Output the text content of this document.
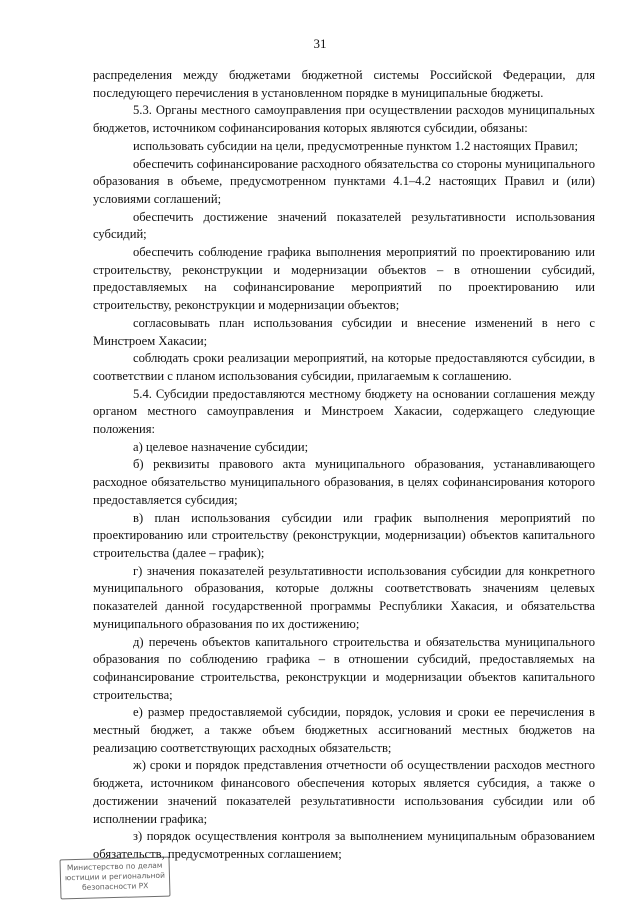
31

распределения между бюджетами бюджетной системы Российской Федерации, для последующего перечисления в установленном порядке в муниципальные бюджеты.

5.3. Органы местного самоуправления при осуществлении расходов муниципальных бюджетов, источником софинансирования которых являются субсидии, обязаны:

использовать субсидии на цели, предусмотренные пунктом 1.2 настоящих Правил;

обеспечить софинансирование расходного обязательства со стороны муниципального образования в объеме, предусмотренном пунктами 4.1–4.2 настоящих Правил и (или) условиями соглашений;

обеспечить достижение значений показателей результативности использования субсидий;

обеспечить соблюдение графика выполнения мероприятий по проектированию или строительству, реконструкции и модернизации объектов – в отношении субсидий, предоставляемых на софинансирование мероприятий по проектированию или строительству, реконструкции и модернизации объектов;

согласовывать план использования субсидии и внесение изменений в него с Минстроем Хакасии;

соблюдать сроки реализации мероприятий, на которые предоставляются субсидии, в соответствии с планом использования субсидии, прилагаемым к соглашению.

5.4. Субсидии предоставляются местному бюджету на основании соглашения между органом местного самоуправления и Минстроем Хакасии, содержащего следующие положения:

а) целевое назначение субсидии;

б) реквизиты правового акта муниципального образования, устанавливающего расходное обязательство муниципального образования, в целях софинансирования которого предоставляется субсидия;

в) план использования субсидии или график выполнения мероприятий по проектированию или строительству (реконструкции, модернизации) объектов капитального строительства (далее – график);

г) значения показателей результативности использования субсидии для конкретного муниципального образования, которые должны соответствовать значениям целевых показателей данной государственной программы Республики Хакасия, и обязательства муниципального образования по их достижению;

д) перечень объектов капитального строительства и обязательства муниципального образования по соблюдению графика – в отношении субсидий, предоставляемых на софинансирование строительства, реконструкции и модернизации объектов капитального строительства;

е) размер предоставляемой субсидии, порядок, условия и сроки ее перечисления в местный бюджет, а также объем бюджетных ассигнований местных бюджетов на реализацию соответствующих расходных обязательств;

ж) сроки и порядок представления отчетности об осуществлении расходов местного бюджета, источником финансового обеспечения которых является субсидия, а также о достижении значений показателей результативности использования субсидии или об исполнении графика;

з) порядок осуществления контроля за выполнением муниципальным образованием обязательств, предусмотренных соглашением;

Министерство по делам
юстиции и региональной
безопасности РХ
